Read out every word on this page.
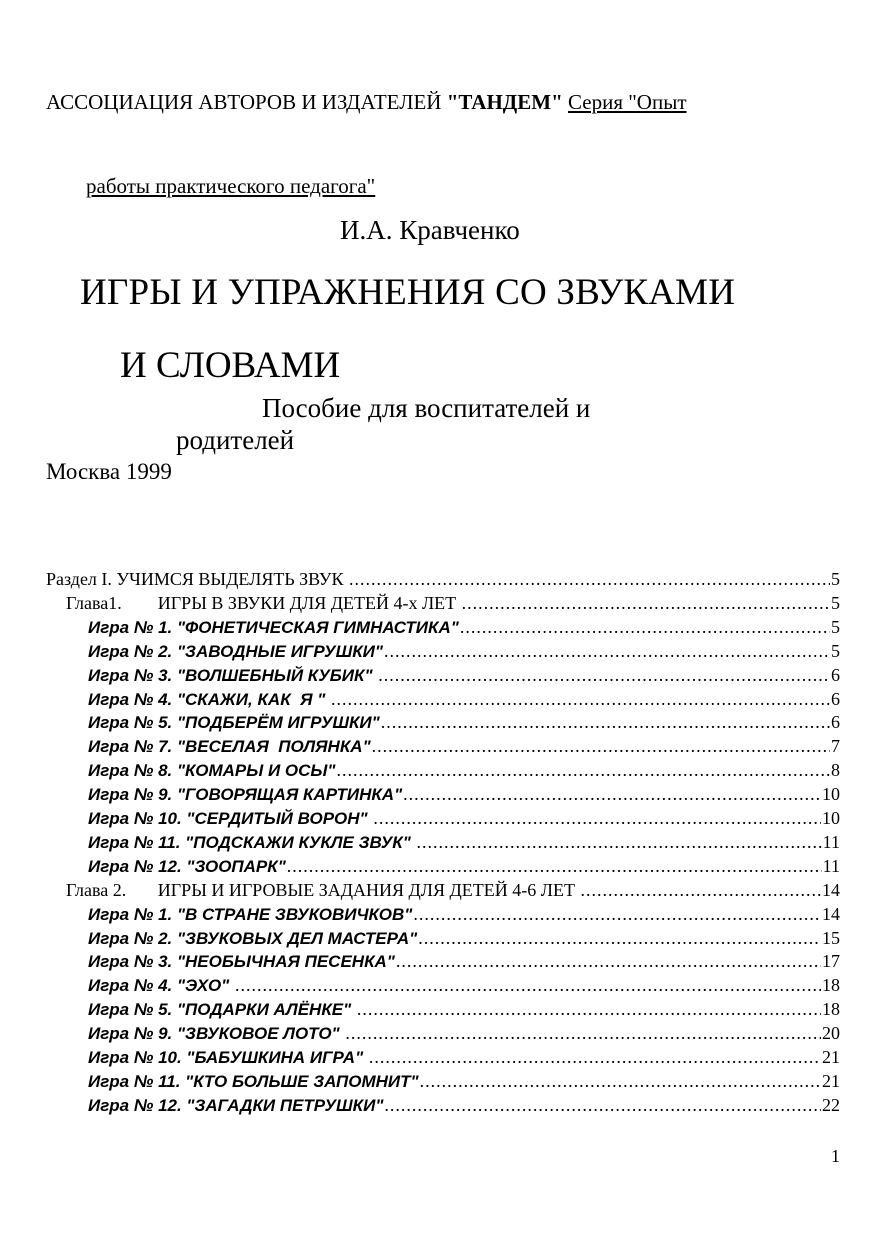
АССОЦИАЦИЯ АВТОРОВ И ИЗДАТЕЛЕЙ "ТАНДЕМ" Серия "Опыт
работы практического педагога"
И.А. Кравченко
ИГРЫ И УПРАЖНЕНИЯ СО ЗВУКАМИ
И СЛОВАМИ
Пособие для воспитателей и
родителей
Москва 1999
Раздел I. УЧИМСЯ ВЫДЕЛЯТЬ ЗВУК .....	5
Глава1.        ИГРЫ В ЗВУКИ ДЛЯ ДЕТЕЙ 4-х ЛЕТ .....	5
Игра № 1. "ФОНЕТИЧЕСКАЯ ГИМНАСТИКА" .....	5
Игра № 2. "ЗАВОДНЫЕ ИГРУШКИ" .....	5
Игра № 3. "ВОЛШЕБНЫЙ КУБИК" .....	6
Игра № 4. "СКАЖИ, КАК  Я " .....	6
Игра № 5. "ПОДБЕРЁМ ИГРУШКИ" .....	6
Игра № 7. "ВЕСЕЛАЯ  ПОЛЯНКА" .....	7
Игра № 8. "КОМАРЫ И ОСЫ" .....	8
Игра № 9. "ГОВОРЯЩАЯ КАРТИНКА" .....	10
Игра № 10. "СЕРДИТЫЙ ВОРОН" .....	10
Игра № 11. "ПОДСКАЖИ КУКЛЕ ЗВУК" .....	11
Игра № 12. "ЗООПАРК" .....	11
Глава 2.       ИГРЫ И ИГРОВЫЕ ЗАДАНИЯ ДЛЯ ДЕТЕЙ 4-6 ЛЕТ .....	14
Игра № 1. "В СТРАНЕ ЗВУКОВИЧКОВ" .....	14
Игра № 2. "ЗВУКОВЫХ ДЕЛ МАСТЕРА" .....	15
Игра № 3. "НЕОБЫЧНАЯ ПЕСЕНКА" .....	17
Игра № 4. "ЭХО" .....	18
Игра № 5. "ПОДАРКИ АЛЁНКЕ" .....	18
Игра № 9. "ЗВУКОВОЕ ЛОТО" .....	20
Игра № 10. "БАБУШКИНА ИГРА" .....	21
Игра № 11. "КТО БОЛЬШЕ ЗАПОМНИТ" .....	21
Игра № 12. "ЗАГАДКИ ПЕТРУШКИ" .....	22
1
